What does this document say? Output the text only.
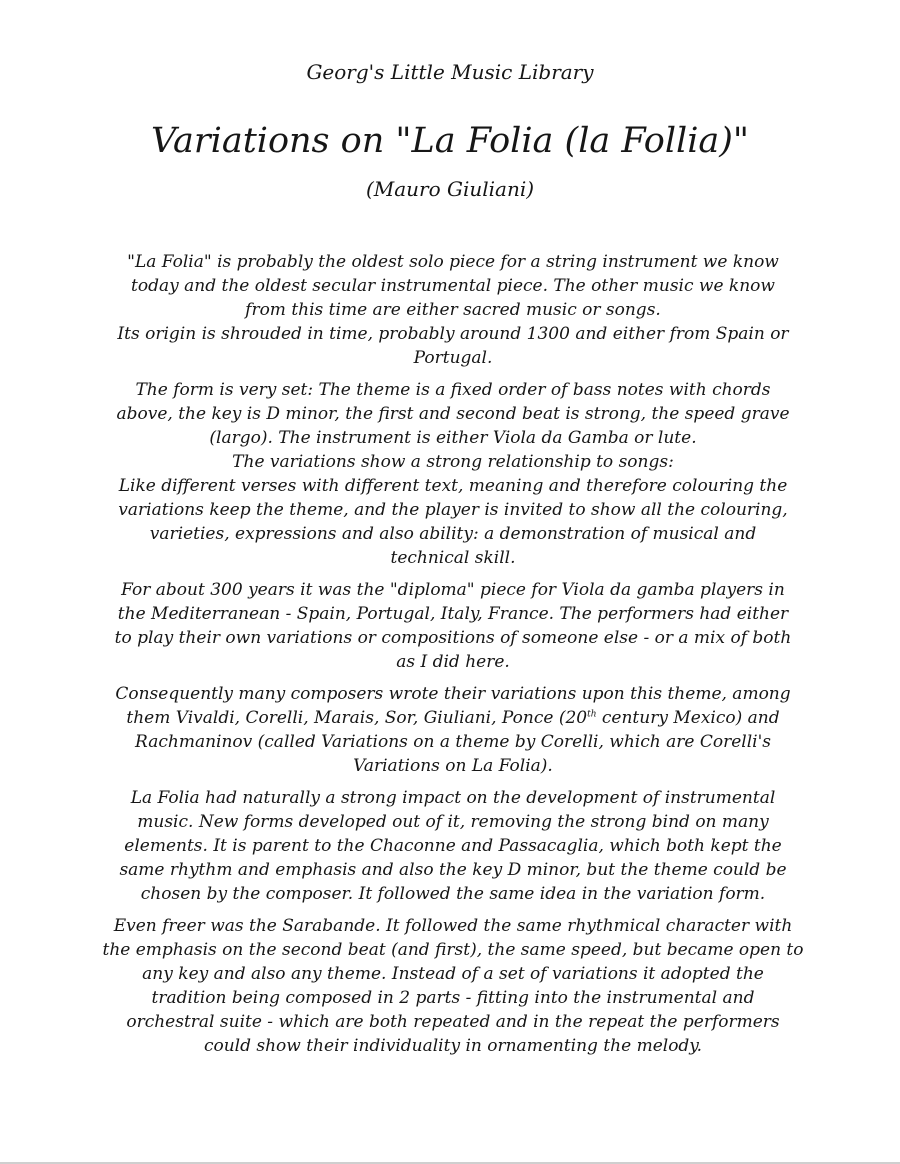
Georg's Little Music Library
Variations on "La Folia (la Follia)"
(Mauro Giuliani)

"La Folia" is probably the oldest solo piece for a string instrument we know
today and the oldest secular instrumental piece. The other music we know
from this time are either sacred music or songs.
Its origin is shrouded in time, probably around 1300 and either from Spain or
Portugal.

The form is very set: The theme is a fixed order of bass notes with chords
above, the key is D minor, the first and second beat is strong, the speed grave
(largo). The instrument is either Viola da Gamba or lute.
The variations show a strong relationship to songs:
Like different verses with different text, meaning and therefore colouring the
variations keep the theme, and the player is invited to show all the colouring,
varieties, expressions and also ability: a demonstration of musical and
technical skill.

For about 300 years it was the "diploma" piece for Viola da gamba players in
the Mediterranean - Spain, Portugal, Italy, France. The performers had either
to play their own variations or compositions of someone else - or a mix of both
as I did here.

Consequently many composers wrote their variations upon this theme, among
them Vivaldi, Corelli, Marais, Sor, Giuliani, Ponce (20th century Mexico) and
Rachmaninov (called Variations on a theme by Corelli, which are Corelli's
Variations on La Folia).

La Folia had naturally a strong impact on the development of instrumental
music. New forms developed out of it, removing the strong bind on many
elements. It is parent to the Chaconne and Passacaglia, which both kept the
same rhythm and emphasis and also the key D minor, but the theme could be
chosen by the composer. It followed the same idea in the variation form.

Even freer was the Sarabande. It followed the same rhythmical character with
the emphasis on the second beat (and first), the same speed, but became open to
any key and also any theme. Instead of a set of variations it adopted the
tradition being composed in 2 parts - fitting into the instrumental and
orchestral suite - which are both repeated and in the repeat the performers
could show their individuality in ornamenting the melody.
